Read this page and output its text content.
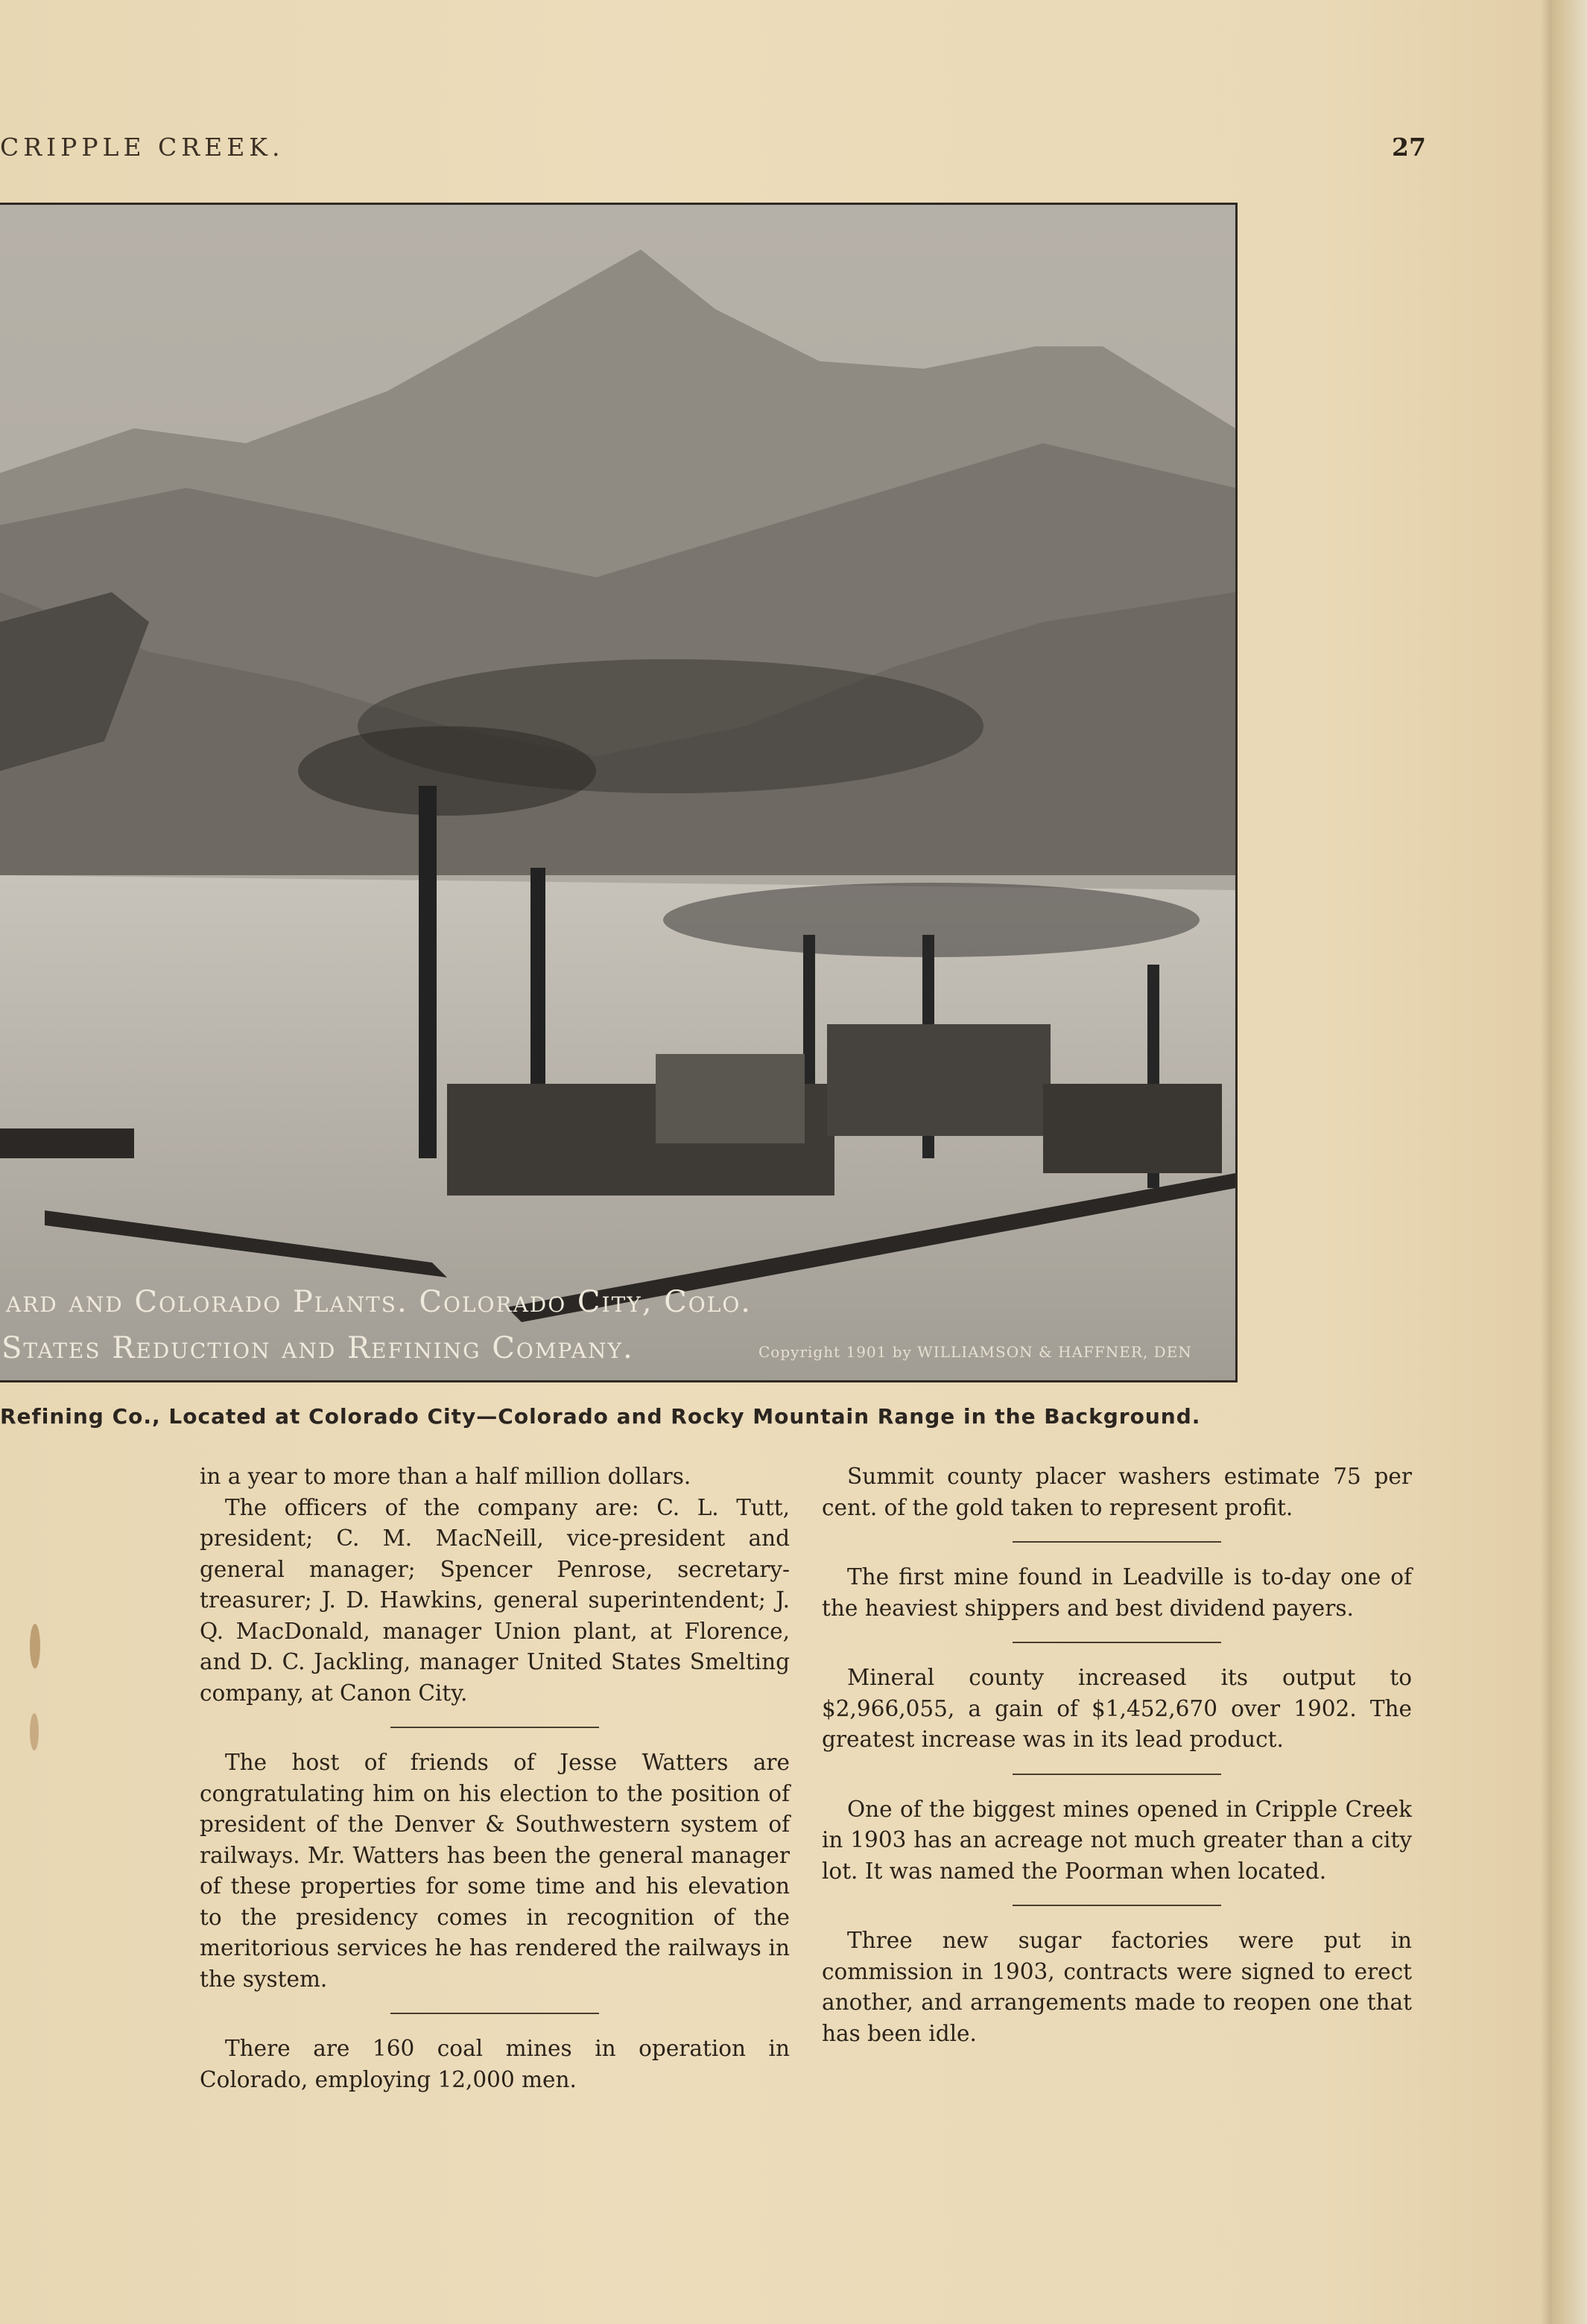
CRIPPLE CREEK.	27
ard and Colorado Plants. Colorado City, Colo.
States Reduction and Refining Company.	Copyright 1901 by WILLIAMSON & HAFFNER, DEN
Refining Co., Located at Colorado City—Colorado and Rocky Mountain Range in the Background.

in a year to more than a half million dollars.

The officers of the company are: C. L. Tutt, president; C. M. MacNeill, vice-president and general manager; Spencer Penrose, secretary-treasurer; J. D. Hawkins, general superintendent; J. Q. MacDonald, manager Union plant, at Florence, and D. C. Jackling, manager United States Smelting company, at Canon City.

The host of friends of Jesse Watters are congratulating him on his election to the position of president of the Denver & Southwestern system of railways. Mr. Watters has been the general manager of these properties for some time and his elevation to the presidency comes in recognition of the meritorious services he has rendered the railways in the system.

There are 160 coal mines in operation in Colorado, employing 12,000 men.

Summit county placer washers estimate 75 per cent. of the gold taken to represent profit.

The first mine found in Leadville is to-day one of the heaviest shippers and best dividend payers.

Mineral county increased its output to $2,966,055, a gain of $1,452,670 over 1902. The greatest increase was in its lead product.

One of the biggest mines opened in Cripple Creek in 1903 has an acreage not much greater than a city lot. It was named the Poorman when located.

Three new sugar factories were put in commission in 1903, contracts were signed to erect another, and arrangements made to reopen one that has been idle.
